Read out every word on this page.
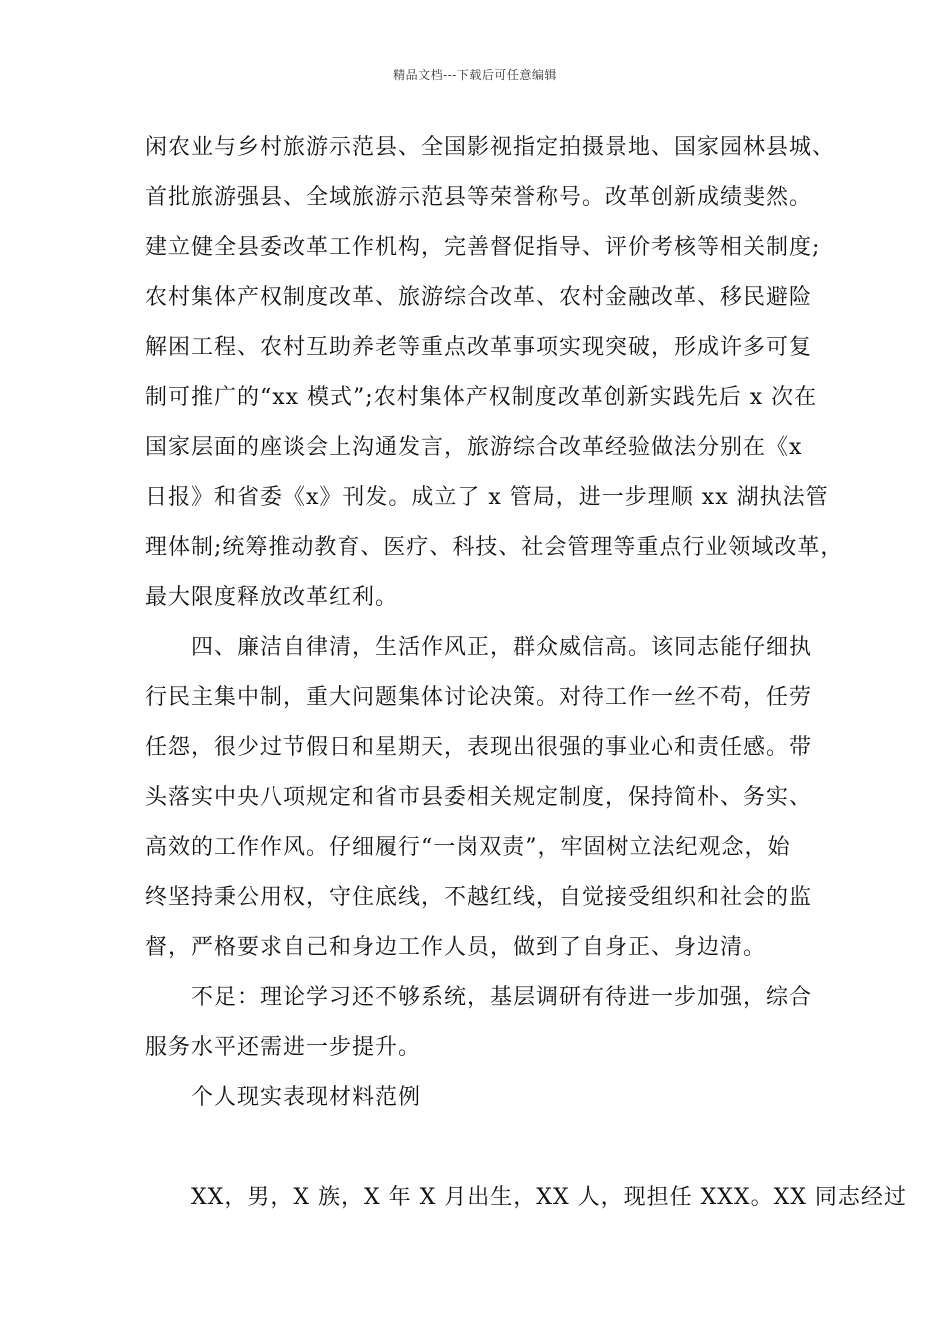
精品文档---下载后可任意编辑
闲农业与乡村旅游示范县、全国影视指定拍摄景地、国家园林县城、
首批旅游强县、全域旅游示范县等荣誉称号。改革创新成绩斐然。
建立健全县委改革工作机构，完善督促指导、评价考核等相关制度;
农村集体产权制度改革、旅游综合改革、农村金融改革、移民避险
解困工程、农村互助养老等重点改革事项实现突破，形成许多可复
制可推广的“xx 模式”;农村集体产权制度改革创新实践先后 x 次在
国家层面的座谈会上沟通发言，旅游综合改革经验做法分别在《x
日报》和省委《x》刊发。成立了 x 管局，进一步理顺 xx 湖执法管
理体制;统筹推动教育、医疗、科技、社会管理等重点行业领域改革，
最大限度释放改革红利。
四、廉洁自律清，生活作风正，群众威信高。该同志能仔细执
行民主集中制，重大问题集体讨论决策。对待工作一丝不苟，任劳
任怨，很少过节假日和星期天，表现出很强的事业心和责任感。带
头落实中央八项规定和省市县委相关规定制度，保持简朴、务实、
高效的工作作风。仔细履行“一岗双责”，牢固树立法纪观念，始
终坚持秉公用权，守住底线，不越红线，自觉接受组织和社会的监
督，严格要求自己和身边工作人员，做到了自身正、身边清。
不足：理论学习还不够系统，基层调研有待进一步加强，综合
服务水平还需进一步提升。
个人现实表现材料范例
XX，男，X 族，X 年 X 月出生，XX 人，现担任 XXX。XX 同志经过
